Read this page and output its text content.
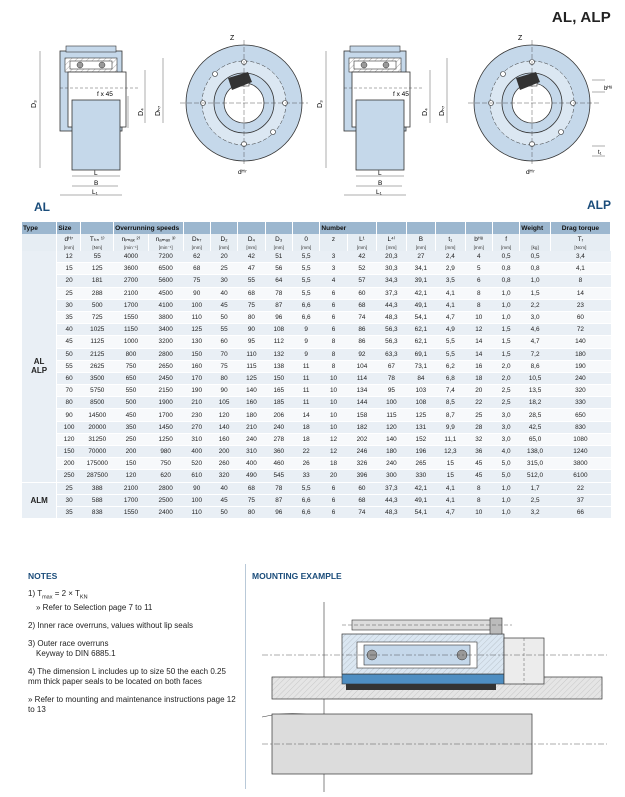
AL, ALP
D₃
f x 45
D₄ Dₕ₇
L
B
L₁
Z
dᴴ⁷
D₃
f x 45
D₄ Dₕ₇
L
B
L₁
Z
dᴴ⁷
bᴴ⁸
t₁
AL	ALP
Type	Size		Overrunning speeds							Number							Weight	Drag torque
	dᴴ⁷	Tₖₙ ¹⁾	nᵢₘₐₓ ²⁾	nₐₘₐₓ ³⁾	Dₕ₇	D₂	D₄	D₃	0	z	L¹	L⁴⁾	B	t₁	bᴴ⁸	f		Tᵣ
	[mm]	[Nm]	[min⁻¹]	[min⁻¹]	[mm]	[mm]	[mm]	[mm]	[mm]		[mm]	[mm]	[mm]	[mm]	[mm]	[mm]	[kg]	[Ncm]

AL
ALP	12	55	4000	7200	62	20	42	51	5,5	3	42	20,3	27	2,4	4	0,5	0,5	3,4
	15	125	3600	6500	68	25	47	56	5,5	3	52	30,3	34,1	2,9	5	0,8	0,8	4,1
	20	181	2700	5600	75	30	55	64	5,5	4	57	34,3	39,1	3,5	6	0,8	1,0	8
	25	288	2100	4500	90	40	68	78	5,5	6	60	37,3	42,1	4,1	8	1,0	1,5	14
	30	500	1700	4100	100	45	75	87	6,6	6	68	44,3	49,1	4,1	8	1,0	2,2	23
	35	725	1550	3800	110	50	80	96	6,6	6	74	48,3	54,1	4,7	10	1,0	3,0	60
	40	1025	1150	3400	125	55	90	108	9	6	86	56,3	62,1	4,9	12	1,5	4,6	72
	45	1125	1000	3200	130	60	95	112	9	8	86	56,3	62,1	5,5	14	1,5	4,7	140
	50	2125	800	2800	150	70	110	132	9	8	92	63,3	69,1	5,5	14	1,5	7,2	180
	55	2625	750	2650	160	75	115	138	11	8	104	67	73,1	6,2	16	2,0	8,6	190
	60	3500	650	2450	170	80	125	150	11	10	114	78	84	6,8	18	2,0	10,5	240
	70	5750	550	2150	190	90	140	165	11	10	134	95	103	7,4	20	2,5	13,5	320
	80	8500	500	1900	210	105	160	185	11	10	144	100	108	8,5	22	2,5	18,2	330
	90	14500	450	1700	230	120	180	206	14	10	158	115	125	8,7	25	3,0	28,5	650
	100	20000	350	1450	270	140	210	240	18	10	182	120	131	9,9	28	3,0	42,5	830
	120	31250	250	1250	310	160	240	278	18	12	202	140	152	11,1	32	3,0	65,0	1080
	150	70000	200	980	400	200	310	360	22	12	246	180	196	12,3	36	4,0	138,0	1240
	200	175000	150	750	520	260	400	460	26	18	326	240	265	15	45	5,0	315,0	3800
	250	287500	120	620	610	320	490	545	33	20	396	300	330	15	45	5,0	512,0	6100
ALM	25	388	2100	2800	90	40	68	78	5,5	6	60	37,3	42,1	4,1	8	1,0	1,7	22
	30	588	1700	2500	100	45	75	87	6,6	6	68	44,3	49,1	4,1	8	1,0	2,5	37
	35	838	1550	2400	110	50	80	96	6,6	6	74	48,3	54,1	4,7	10	1,0	3,2	66
NOTES

1) $T_{max} = 2 \times T_{KN}$
» Refer to Selection page 7 to 11

2) Inner race overruns, values without lip seals

3) Outer race overruns
Keyway to DIN 6885.1

4) The dimension L includes up to size 50 the each 0.25 mm thick paper seals to be located on both faces

» Refer to mounting and maintenance instructions page 12 to 13

MOUNTING EXAMPLE
